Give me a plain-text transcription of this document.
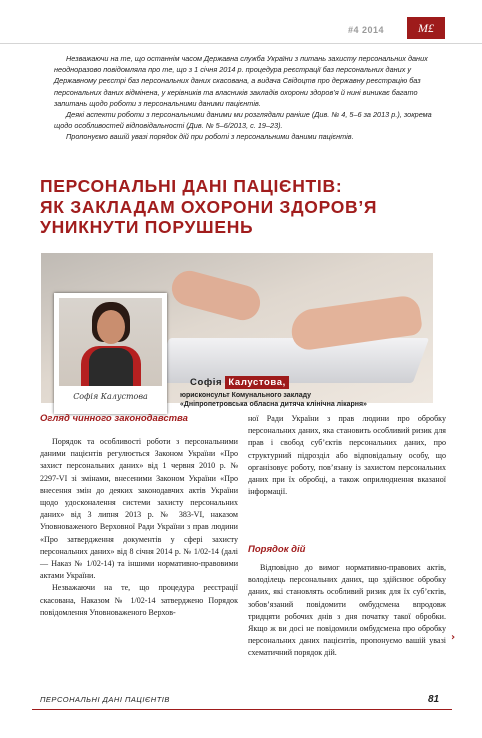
#4 2014	M£

Незважаючи на те, що останнім часом Державна служба України з питань захисту персональних даних неодноразово повідомляла про те, що з 1 січня 2014 р. процедура реєстрації баз персональних даних у Державному реєстрі баз персональних даних скасована, а видача Свідоцтв про державну реєстрацію баз персональних даних відмінена, у керівників та власників закладів охорони здоров’я й нині виникає багато запитань щодо роботи з персональними даними пацієнтів.

Деякі аспекти роботи з персональними даними ми розглядали раніше (Див. № 4, 5–6 за 2013 р.), зокрема щодо особливостей відповідальності (Див. № 5–6/2013, с. 19–23).

Пропонуємо вашій увазі порядок дій при роботі з персональними даними пацієнтів.

ПЕРСОНАЛЬНІ ДАНІ ПАЦІЄНТІВ:
ЯК ЗАКЛАДАМ ОХОРОНИ ЗДОРОВ’Я
УНИКНУТИ ПОРУШЕНЬ
Софія Калустова
Софія Калустова,
юрисконсульт Комунального закладу
«Дніпропетровська обласна дитяча клінічна лікарня»
Огляд чинного законодавства

Порядок та особливості роботи з персональними даними пацієнтів регулюється Законом України «Про захист персональних даних» від 1 червня 2010 р. № 2297-VI зі змінами, внесеними Законом України «Про внесення змін до деяких законодавчих актів України щодо удосконалення системи захисту персональних даних» від 3 липня 2013 р. № 383-VI, наказом Уповноваженого Верховної Ради України з прав людини «Про затвердження документів у сфері захисту персональних даних» від 8 січня 2014 р. № 1/02-14 (далі — Наказ № 1/02-14) та іншими нормативно-правовими актами України.

Незважаючи на те, що процедура реєстрації скасована, Наказом № 1/02-14 затверджено Порядок повідомлення Уповноваженого Верхов-

ної Ради України з прав людини про обробку персональних даних, яка становить особливий ризик для прав і свобод суб’єктів персональних даних, про структурний підрозділ або відповідальну особу, що організовує роботу, пов’язану із захистом персональних даних при їх обробці, а також оприлюднення вказаної інформації.

Порядок дій

Відповідно до вимог нормативно-правових актів, володілець персональних даних, що здійснює обробку даних, які становлять особливий ризик для їх суб’єктів, зобов’язаний повідомити омбудсмена впродовж тридцяти робочих днів з дня початку такої обробки. Якщо ж ви досі не повідомили омбудсмена про обробку персональних даних пацієнтів, пропонуємо вашій увазі схематичний порядок дій.

›
ПЕРСОНАЛЬНІ ДАНІ ПАЦІЄНТІВ	81
